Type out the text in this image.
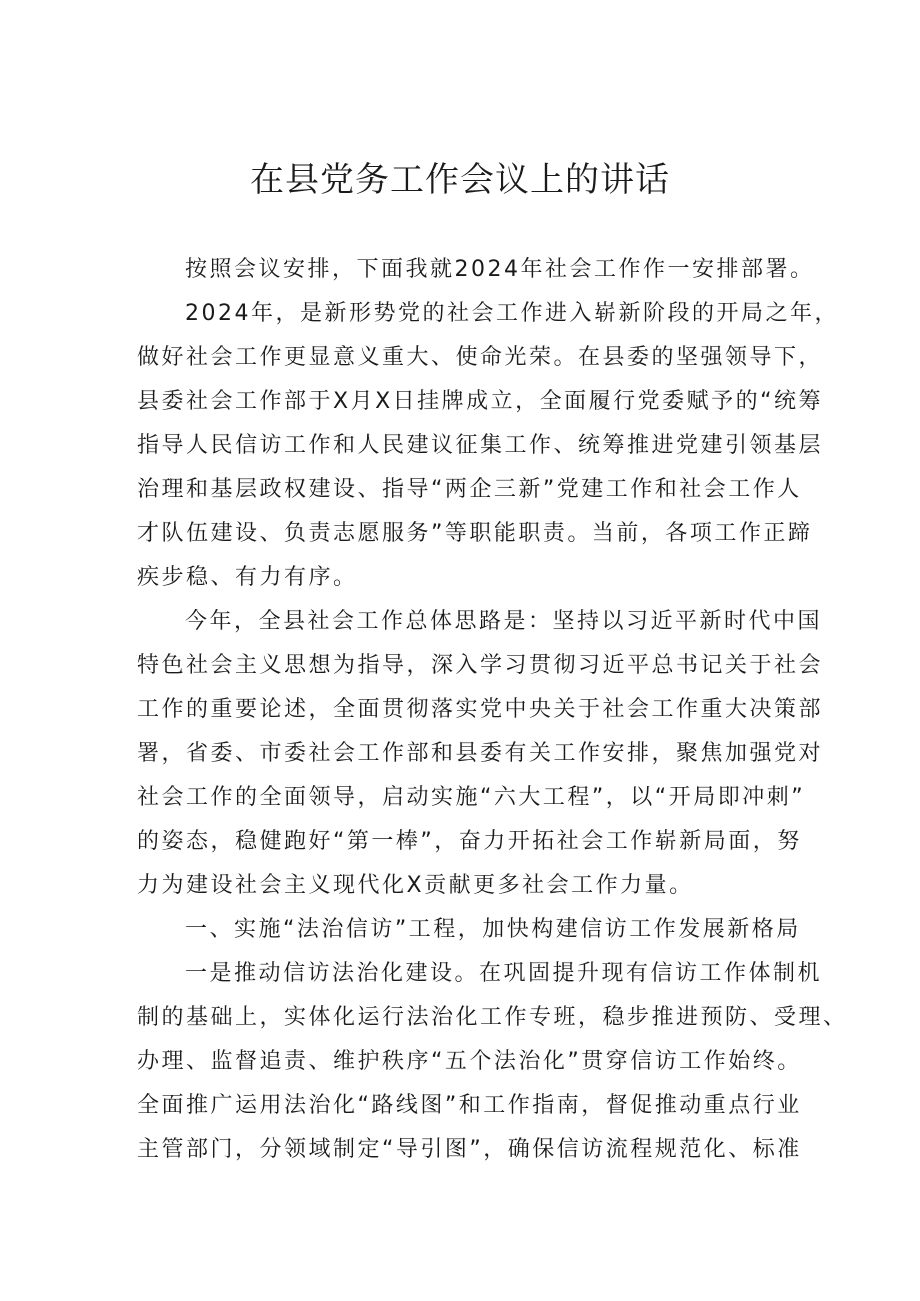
在县党务工作会议上的讲话
按照会议安排，下面我就2024年社会工作作一安排部署。
2024年，是新形势党的社会工作进入崭新阶段的开局之年，
做好社会工作更显意义重大、使命光荣。在县委的坚强领导下，
县委社会工作部于X月X日挂牌成立，全面履行党委赋予的“统筹
指导人民信访工作和人民建议征集工作、统筹推进党建引领基层
治理和基层政权建设、指导“两企三新”党建工作和社会工作人
才队伍建设、负责志愿服务”等职能职责。当前，各项工作正蹄
疾步稳、有力有序。
今年，全县社会工作总体思路是：坚持以习近平新时代中国
特色社会主义思想为指导，深入学习贯彻习近平总书记关于社会
工作的重要论述，全面贯彻落实党中央关于社会工作重大决策部
署，省委、市委社会工作部和县委有关工作安排，聚焦加强党对
社会工作的全面领导，启动实施“六大工程”，以“开局即冲刺”
的姿态，稳健跑好“第一棒”，奋力开拓社会工作崭新局面，努
力为建设社会主义现代化X贡献更多社会工作力量。
一、实施“法治信访”工程，加快构建信访工作发展新格局
一是推动信访法治化建设。在巩固提升现有信访工作体制机
制的基础上，实体化运行法治化工作专班，稳步推进预防、受理、
办理、监督追责、维护秩序“五个法治化”贯穿信访工作始终。
全面推广运用法治化“路线图”和工作指南，督促推动重点行业
主管部门，分领域制定“导引图”，确保信访流程规范化、标准
